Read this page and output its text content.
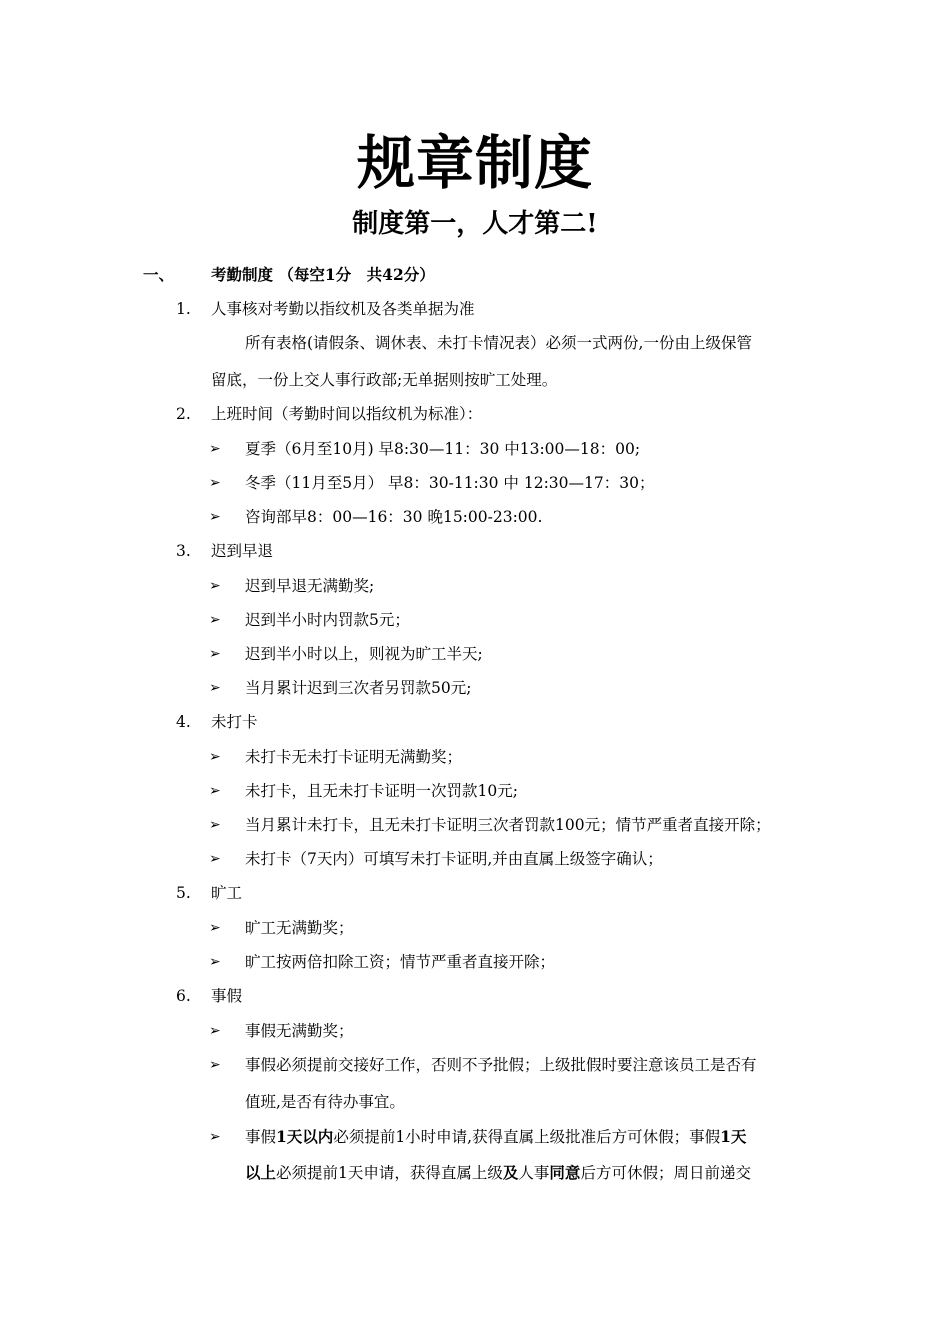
规章制度
制度第一，人才第二!
一、 考勤制度 （每空1分　共42分）
1.	人事核对考勤以指纹机及各类单据为准
所有表格(请假条、调休表、未打卡情况表）必须一式两份,一份由上级保管
留底，一份上交人事行政部;无单据则按旷工处理。
2.	上班时间（考勤时间以指纹机为标准）：
➢	夏季（6月至10月) 早8:30—11：30 中13:00—18：00;
➢	冬季（11月至5月） 早8：30-11:30 中 12:30—17：30；
➢	咨询部早8：00—16：30 晚15:00-23:00.
3.	迟到早退
➢	迟到早退无满勤奖;
➢	迟到半小时内罚款5元；
➢	迟到半小时以上，则视为旷工半天;
➢	当月累计迟到三次者另罚款50元;
4.	未打卡
➢	未打卡无未打卡证明无满勤奖；
➢	未打卡，且无未打卡证明一次罚款10元;
➢	当月累计未打卡，且无未打卡证明三次者罚款100元；情节严重者直接开除；
➢	未打卡（7天内）可填写未打卡证明,并由直属上级签字确认；
5.	旷工
➢	旷工无满勤奖；
➢	旷工按两倍扣除工资；情节严重者直接开除；
6.	事假
➢	事假无满勤奖；
➢	事假必须提前交接好工作，否则不予批假；上级批假时要注意该员工是否有
值班,是否有待办事宜。
➢	事假1天以内必须提前1小时申请,获得直属上级批准后方可休假；事假1天
以上必须提前1天申请，获得直属上级及人事同意后方可休假；周日前递交
